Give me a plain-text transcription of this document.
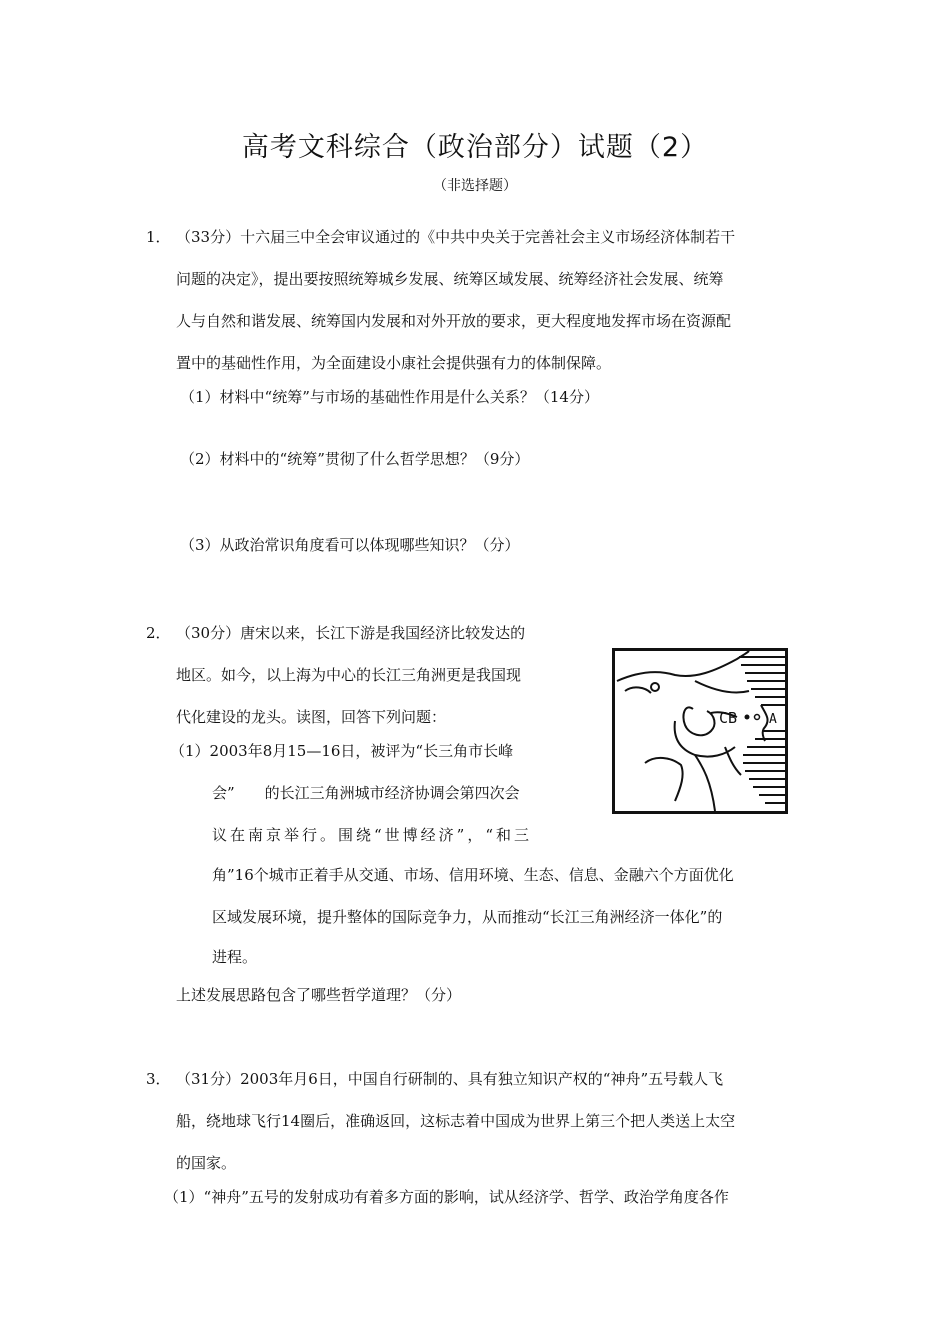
高考文科综合（政治部分）试题（2）
（非选择题）
1． （33分）十六届三中全会审议通过的《中共中央关于完善社会主义市场经济体制若干
问题的决定》，提出要按照统筹城乡发展、统筹区域发展、统筹经济社会发展、统筹
人与自然和谐发展、统筹国内发展和对外开放的要求，更大程度地发挥市场在资源配
置中的基础性作用，为全面建设小康社会提供强有力的体制保障。
（1）材料中“统筹”与市场的基础性作用是什么关系？（14分）
（2）材料中的“统筹”贯彻了什么哲学思想？（9分）
（3）从政治常识角度看可以体现哪些知识？（分）
2． （30分）唐宋以来，长江下游是我国经济比较发达的
地区。如今，以上海为中心的长江三角洲更是我国现
代化建设的龙头。读图，回答下列问题：
（1）2003年8月15—16日，被评为“长三角市长峰
会”　　的长江三角洲城市经济协调会第四次会
议在南京举行。围绕“世博经济”，“和三
角”16个城市正着手从交通、市场、信用环境、生态、信息、金融六个方面优化
区域发展环境，提升整体的国际竞争力，从而推动“长江三角洲经济一体化”的
进程。
上述发展思路包含了哪些哲学道理？（分）
CB A
3． （31分）2003年月6日，中国自行研制的、具有独立知识产权的“神舟”五号载人飞
船，绕地球飞行14圈后，准确返回，这标志着中国成为世界上第三个把人类送上太空
的国家。
（1）“神舟”五号的发射成功有着多方面的影响，试从经济学、哲学、政治学角度各作
